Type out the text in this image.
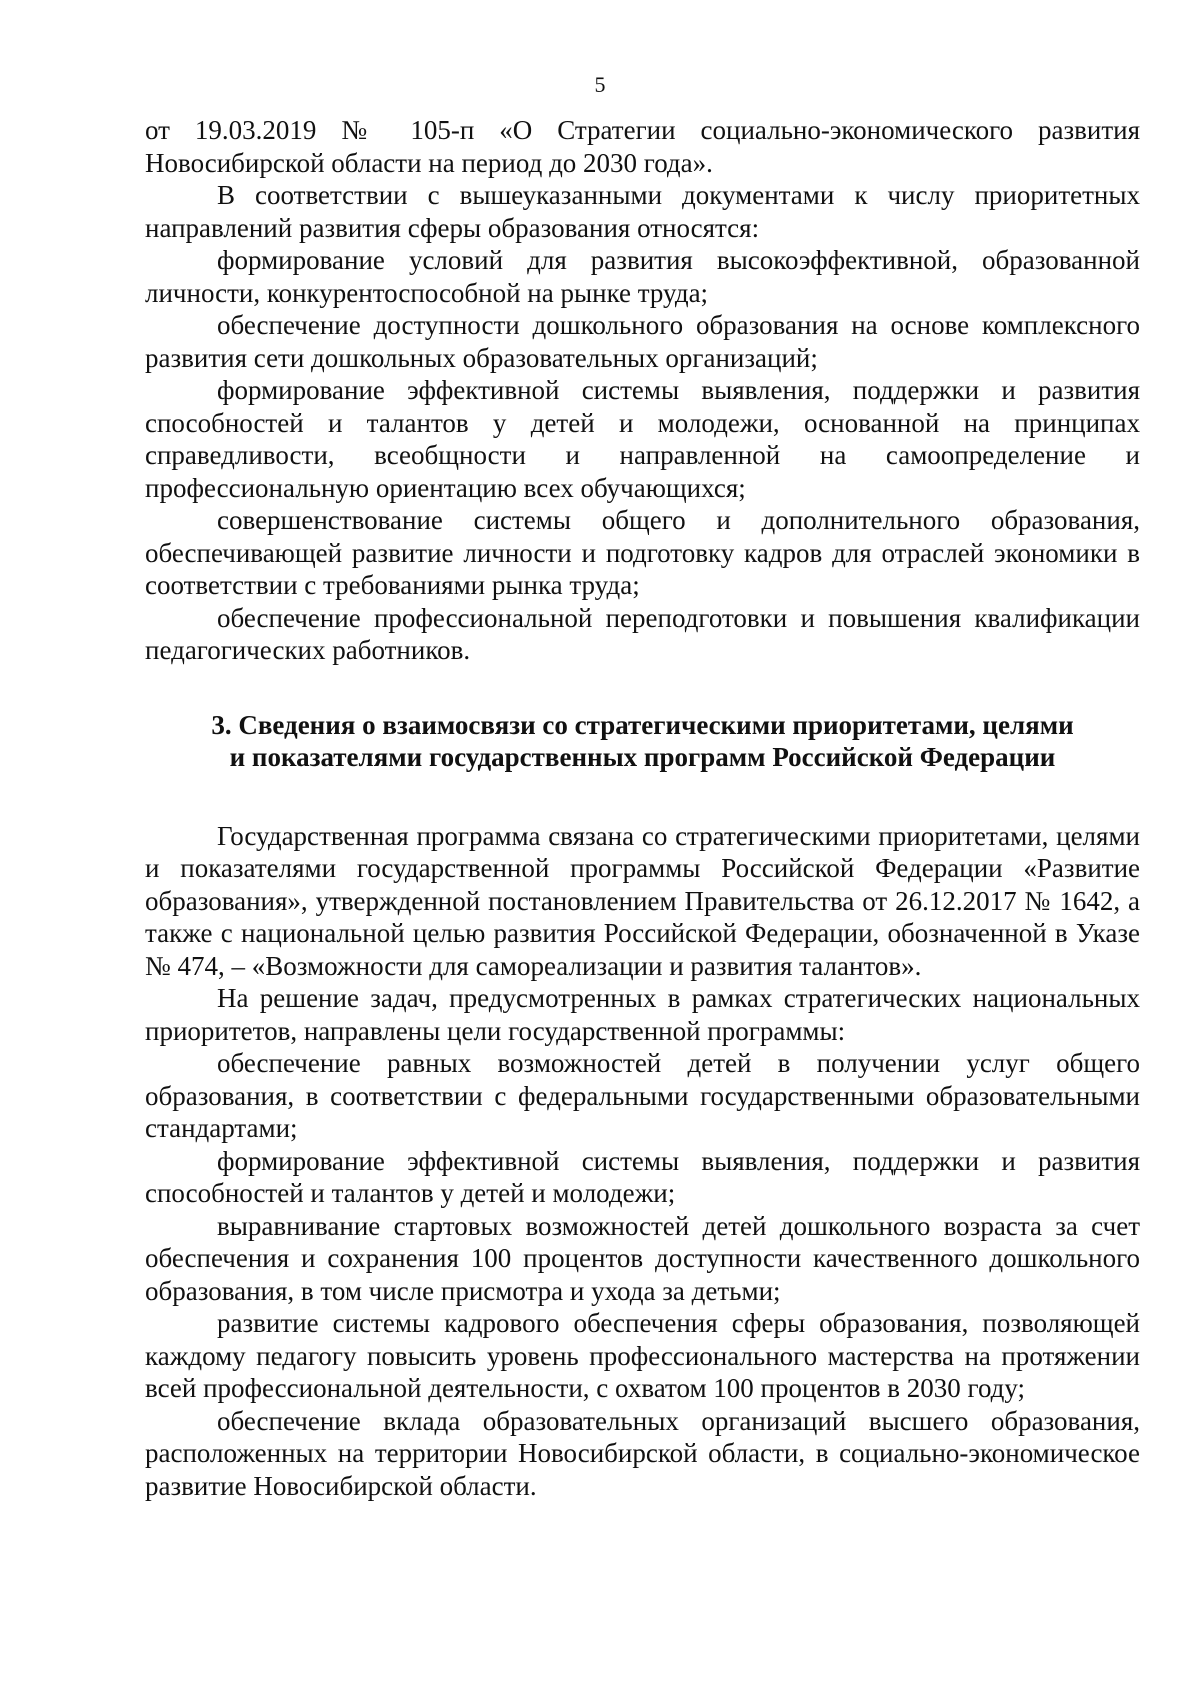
5

от 19.03.2019 № 105-п «О Стратегии социально-экономического развития Новосибирской области на период до 2030 года».

В соответствии с вышеуказанными документами к числу приоритетных направлений развития сферы образования относятся:

формирование условий для развития высокоэффективной, образованной личности, конкурентоспособной на рынке труда;

обеспечение доступности дошкольного образования на основе комплексного развития сети дошкольных образовательных организаций;

формирование эффективной системы выявления, поддержки и развития способностей и талантов у детей и молодежи, основанной на принципах справедливости, всеобщности и направленной на самоопределение и профессиональную ориентацию всех обучающихся;

совершенствование системы общего и дополнительного образования, обеспечивающей развитие личности и подготовку кадров для отраслей экономики в соответствии с требованиями рынка труда;

обеспечение профессиональной переподготовки и повышения квалификации педагогических работников.

3. Сведения о взаимосвязи со стратегическими приоритетами, целями
и показателями государственных программ Российской Федерации

Государственная программа связана со стратегическими приоритетами, целями и показателями государственной программы Российской Федерации «Развитие образования», утвержденной постановлением Правительства от 26.12.2017 № 1642, а также с национальной целью развития Российской Федерации, обозначенной в Указе № 474, – «Возможности для самореализации и развития талантов».

На решение задач, предусмотренных в рамках стратегических национальных приоритетов, направлены цели государственной программы:

обеспечение равных возможностей детей в получении услуг общего образования, в соответствии с федеральными государственными образовательными стандартами;

формирование эффективной системы выявления, поддержки и развития способностей и талантов у детей и молодежи;

выравнивание стартовых возможностей детей дошкольного возраста за счет обеспечения и сохранения 100 процентов доступности качественного дошкольного образования, в том числе присмотра и ухода за детьми;

развитие системы кадрового обеспечения сферы образования, позволяющей каждому педагогу повысить уровень профессионального мастерства на протяжении всей профессиональной деятельности, с охватом 100 процентов в 2030 году;

обеспечение вклада образовательных организаций высшего образования, расположенных на территории Новосибирской области, в социально-экономическое развитие Новосибирской области.
